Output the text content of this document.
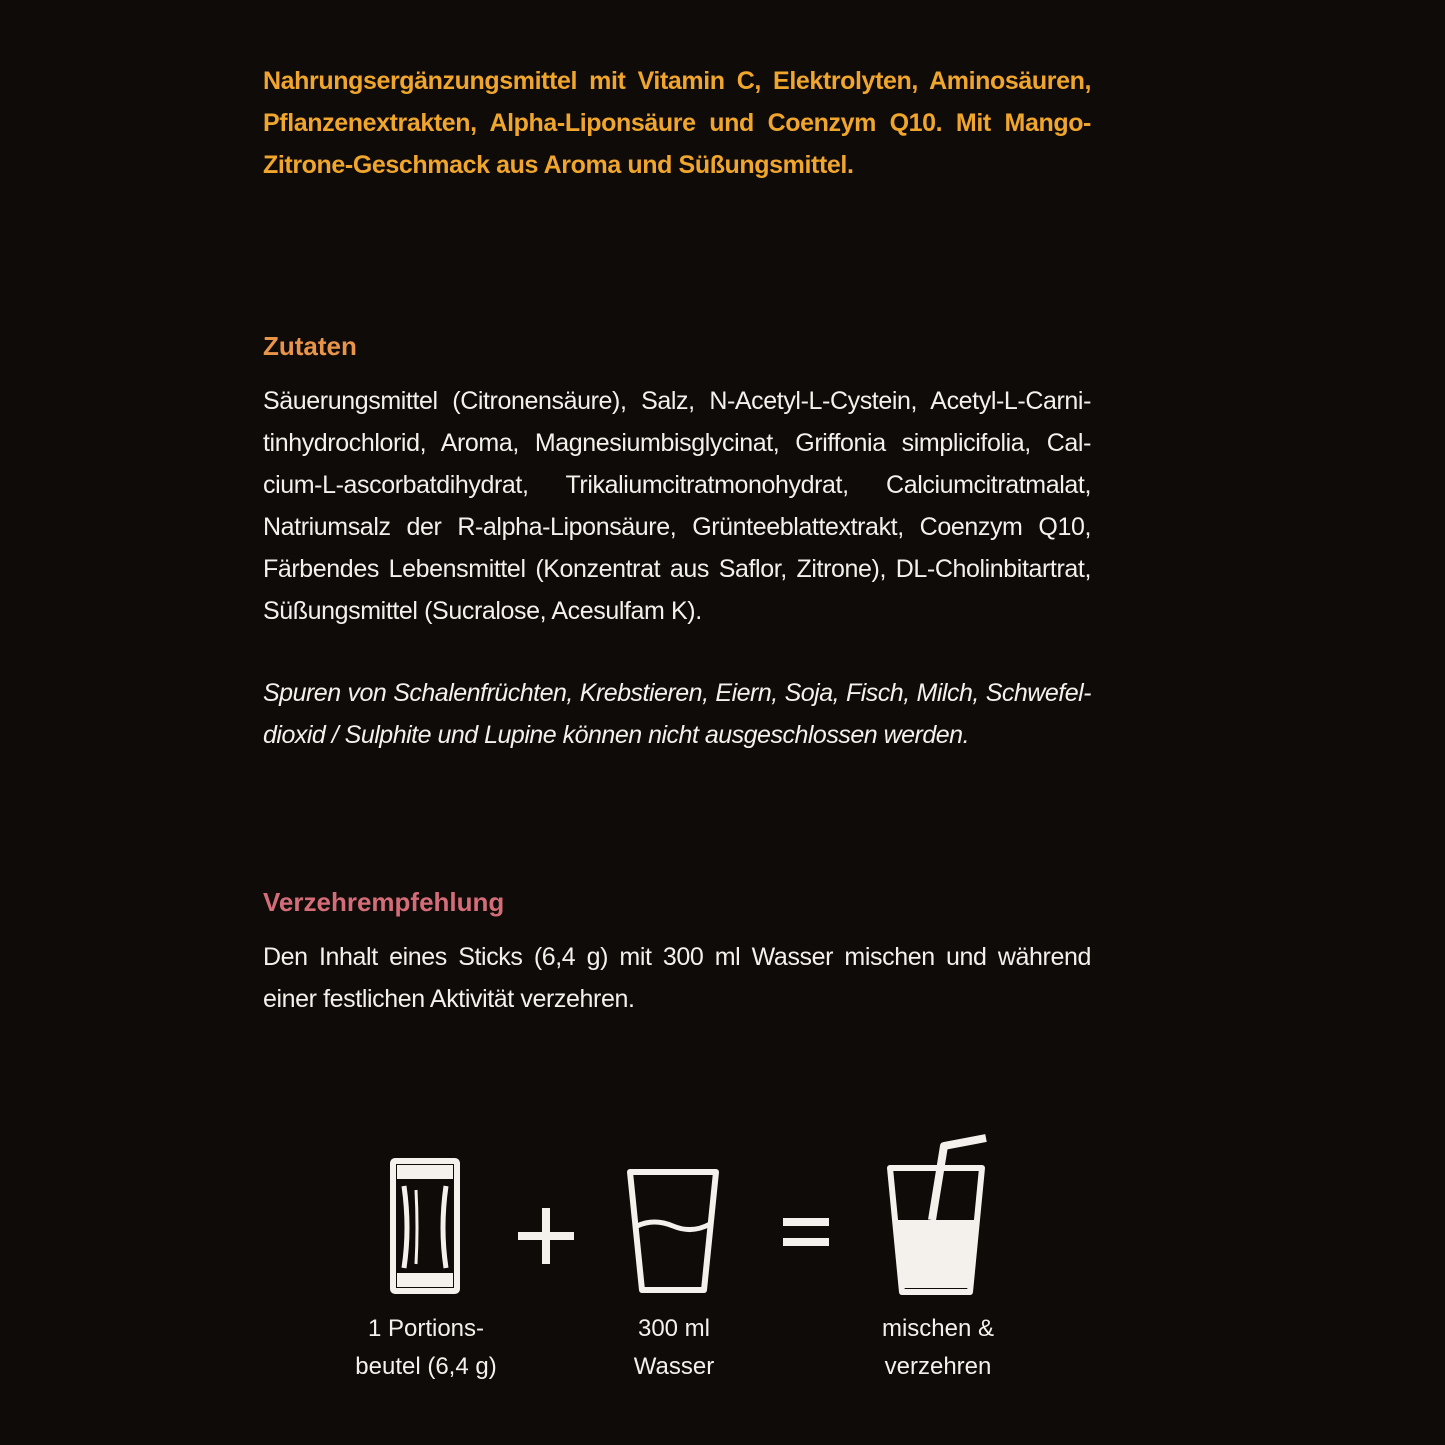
Nahrungsergänzungsmittel mit Vitamin C, Elektrolyten, Aminosäuren, Pflanzenextrakten, Alpha-Liponsäure und Coenzym Q10. Mit Mango-Zitrone-Geschmack aus Aroma und Süßungsmittel.

Zutaten

Säuerungsmittel (Citronensäure), Salz, N-Acetyl-L-Cystein, Acetyl-L-Carni-tinhydrochlorid, Aroma, Magnesiumbisglycinat, Griffonia simplicifolia, Cal-cium-L-ascorbatdihydrat, Trikaliumcitratmonohydrat, Calciumcitratmalat, Natriumsalz der R-alpha-Liponsäure, Grünteeblattextrakt, Coenzym Q10, Färbendes Lebensmittel (Konzentrat aus Saflor, Zitrone), DL-Cholinbitartrat, Süßungsmittel (Sucralose, Acesulfam K).

Spuren von Schalenfrüchten, Krebstieren, Eiern, Soja, Fisch, Milch, Schwefel-dioxid / Sulphite und Lupine können nicht ausgeschlossen werden.

Verzehrempfehlung

Den Inhalt eines Sticks (6,4 g) mit 300 ml Wasser mischen und während einer festlichen Aktivität verzehren.

1 Portions-
beutel (6,4 g)
300 ml
Wasser
mischen &
verzehren
